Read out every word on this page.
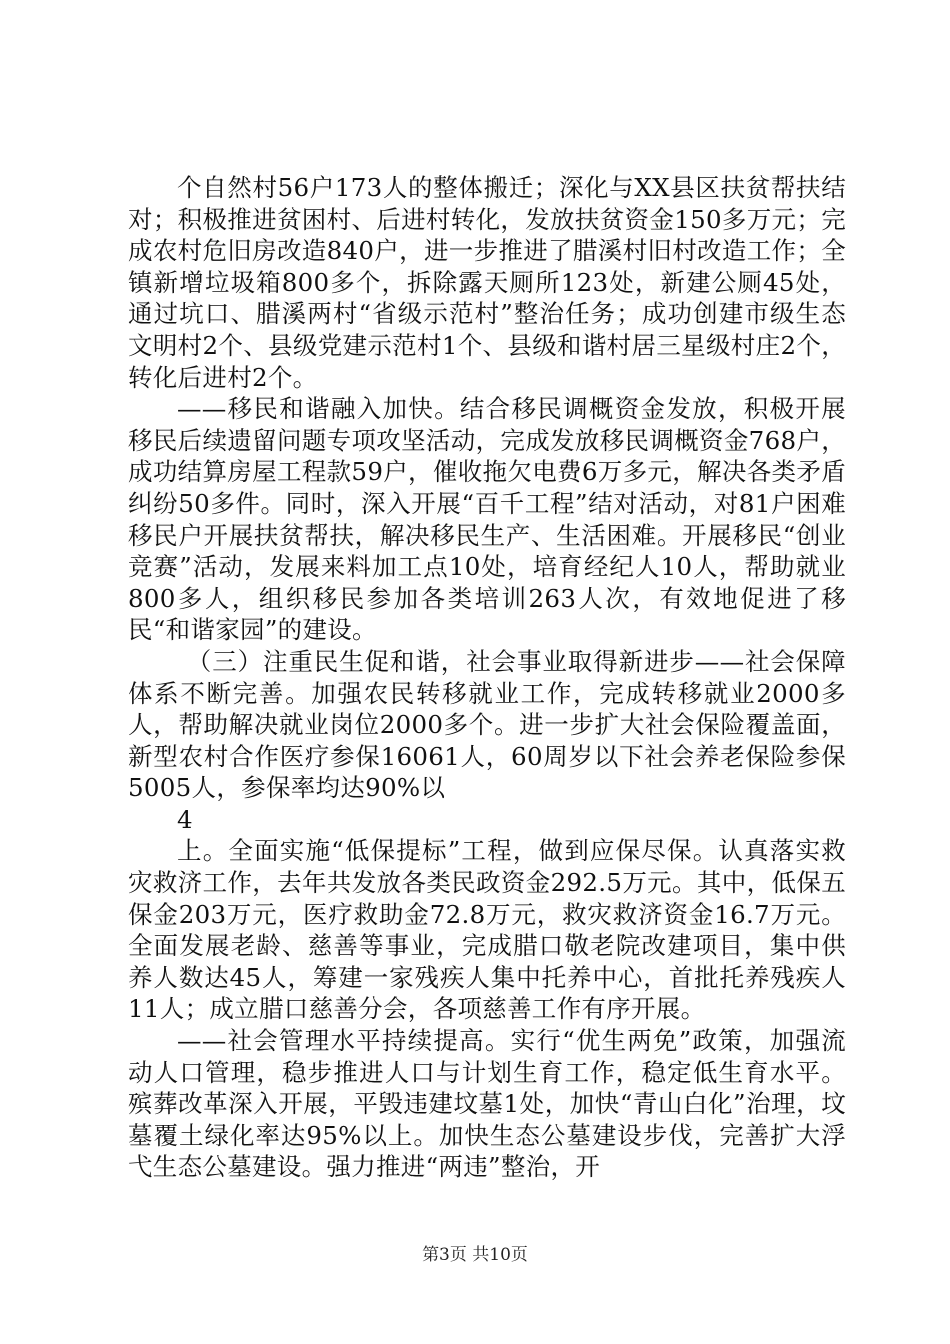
个自然村56户173人的整体搬迁；深化与XX县区扶贫帮扶结对；积极推进贫困村、后进村转化，发放扶贫资金150多万元；完成农村危旧房改造840户，进一步推进了腊溪村旧村改造工作；全镇新增垃圾箱800多个，拆除露天厕所123处，新建公厕45处，通过坑口、腊溪两村“省级示范村”整治任务；成功创建市级生态文明村2个、县级党建示范村1个、县级和谐村居三星级村庄2个，转化后进村2个。

——移民和谐融入加快。结合移民调概资金发放，积极开展移民后续遗留问题专项攻坚活动，完成发放移民调概资金768户，成功结算房屋工程款59户，催收拖欠电费6万多元，解决各类矛盾纠纷50多件。同时，深入开展“百千工程”结对活动，对81户困难移民户开展扶贫帮扶，解决移民生产、生活困难。开展移民“创业竞赛”活动，发展来料加工点10处，培育经纪人10人，帮助就业800多人，组织移民参加各类培训263人次，有效地促进了移民“和谐家园”的建设。

（三）注重民生促和谐，社会事业取得新进步——社会保障体系不断完善。加强农民转移就业工作，完成转移就业2000多人，帮助解决就业岗位2000多个。进一步扩大社会保险覆盖面，新型农村合作医疗参保16061人，60周岁以下社会养老保险参保5005人，参保率均达90%以

4

上。全面实施“低保提标”工程，做到应保尽保。认真落实救灾救济工作，去年共发放各类民政资金292.5万元。其中，低保五保金203万元，医疗救助金72.8万元，救灾救济资金16.7万元。全面发展老龄、慈善等事业，完成腊口敬老院改建项目，集中供养人数达45人，筹建一家残疾人集中托养中心，首批托养残疾人11人；成立腊口慈善分会，各项慈善工作有序开展。

——社会管理水平持续提高。实行“优生两免”政策，加强流动人口管理，稳步推进人口与计划生育工作，稳定低生育水平。殡葬改革深入开展，平毁违建坟墓1处，加快“青山白化”治理，坟墓覆土绿化率达95%以上。加快生态公墓建设步伐，完善扩大浮弋生态公墓建设。强力推进“两违”整治，开

第3页 共10页
